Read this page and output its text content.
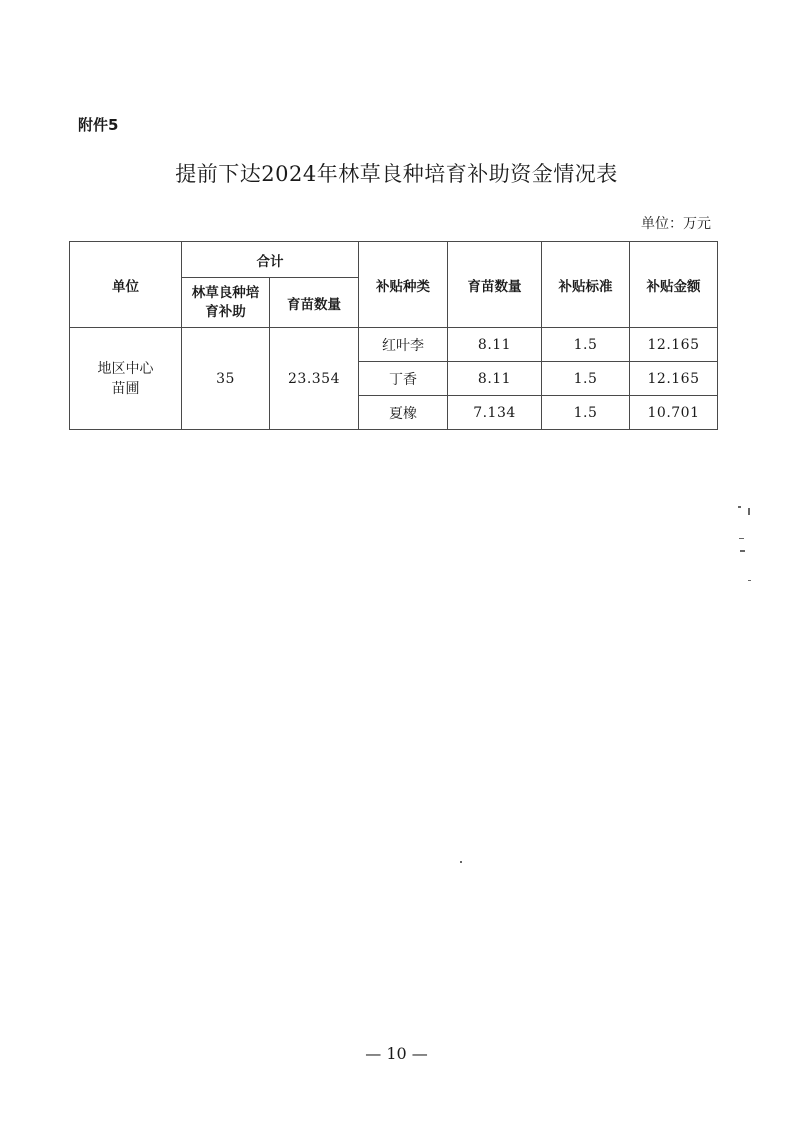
附件5
提前下达2024年林草良种培育补助资金情况表
单位：万元
单位	合计		补贴种类	育苗数量	补贴标准	补贴金额

	林草良种培育补助	育苗数量				

地区中心苗圃	35	23.354	红叶李	8.11	1.5	12.165
			丁香	8.11	1.5	12.165
			夏橡	7.134	1.5	10.701
— 10 —
